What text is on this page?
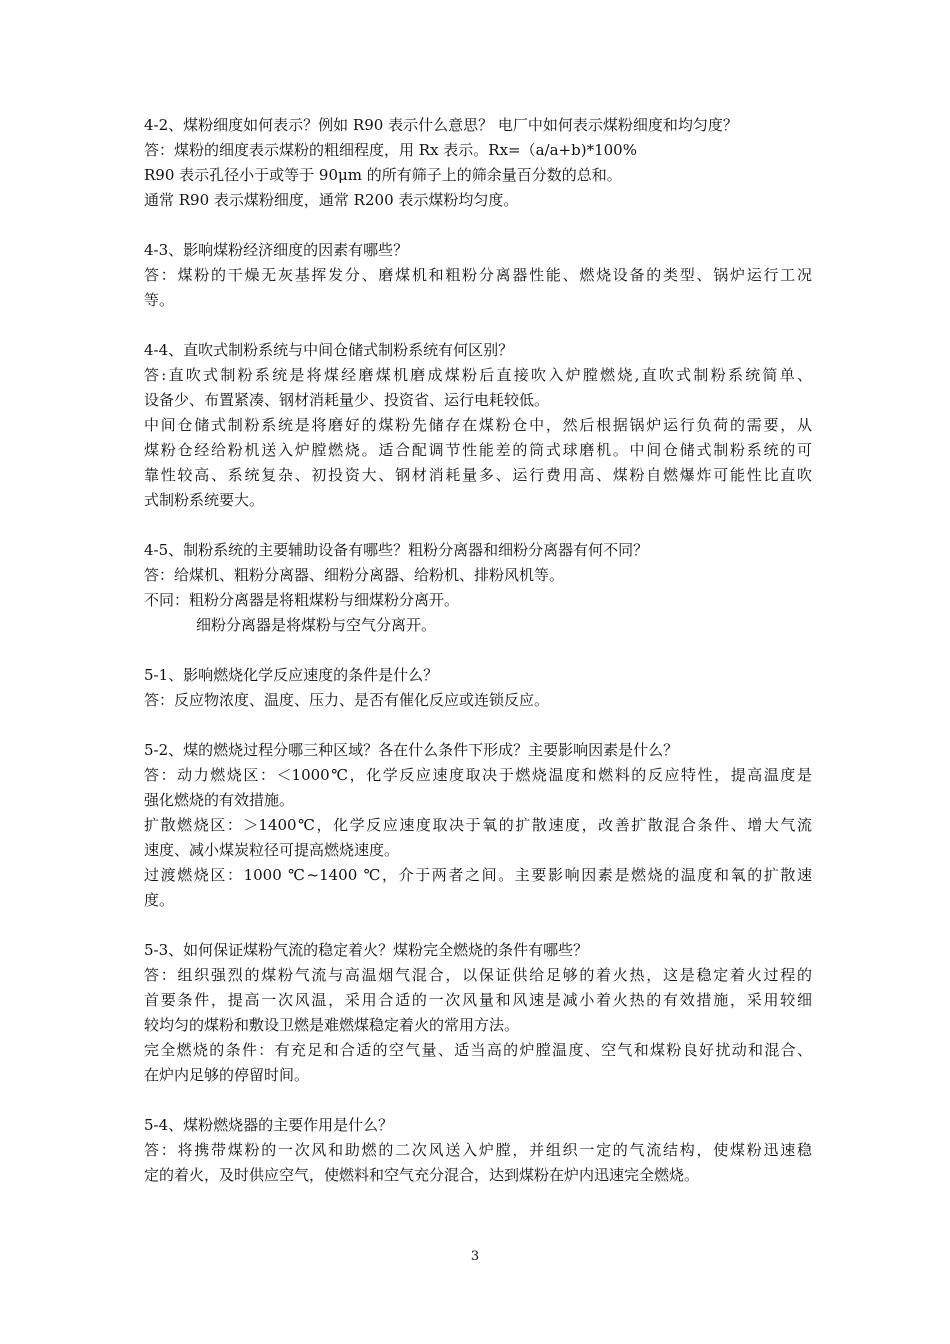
4-2、煤粉细度如何表示？例如 R90 表示什么意思？ 电厂中如何表示煤粉细度和均匀度？
答：煤粉的细度表示煤粉的粗细程度，用 Rx 表示。Rx=（a/a+b)*100%
R90 表示孔径小于或等于 90μm 的所有筛子上的筛余量百分数的总和。
通常 R90 表示煤粉细度，通常 R200 表示煤粉均匀度。
4-3、影响煤粉经济细度的因素有哪些？
答：煤粉的干燥无灰基挥发分、磨煤机和粗粉分离器性能、燃烧设备的类型、锅炉运行工况
等。
4-4、直吹式制粉系统与中间仓储式制粉系统有何区别？
答:直吹式制粉系统是将煤经磨煤机磨成煤粉后直接吹入炉膛燃烧,直吹式制粉系统简单、
设备少、布置紧凑、钢材消耗量少、投资省、运行电耗较低。
中间仓储式制粉系统是将磨好的煤粉先储存在煤粉仓中，然后根据锅炉运行负荷的需要，从
煤粉仓经给粉机送入炉膛燃烧。适合配调节性能差的筒式球磨机。中间仓储式制粉系统的可
靠性较高、系统复杂、初投资大、钢材消耗量多、运行费用高、煤粉自燃爆炸可能性比直吹
式制粉系统要大。
4-5、制粉系统的主要辅助设备有哪些？粗粉分离器和细粉分离器有何不同？
答：给煤机、粗粉分离器、细粉分离器、给粉机、排粉风机等。
不同：粗粉分离器是将粗煤粉与细煤粉分离开。
细粉分离器是将煤粉与空气分离开。
5-1、影响燃烧化学反应速度的条件是什么？
答：反应物浓度、温度、压力、是否有催化反应或连锁反应。
5-2、煤的燃烧过程分哪三种区域？各在什么条件下形成？主要影响因素是什么？
答：动力燃烧区：＜1000℃，化学反应速度取决于燃烧温度和燃料的反应特性，提高温度是
强化燃烧的有效措施。
扩散燃烧区：＞1400℃，化学反应速度取决于氧的扩散速度，改善扩散混合条件、增大气流
速度、减小煤炭粒径可提高燃烧速度。
过渡燃烧区：1000 ℃~1400 ℃，介于两者之间。主要影响因素是燃烧的温度和氧的扩散速
度。
5-3、如何保证煤粉气流的稳定着火？煤粉完全燃烧的条件有哪些？
答：组织强烈的煤粉气流与高温烟气混合，以保证供给足够的着火热，这是稳定着火过程的
首要条件，提高一次风温，采用合适的一次风量和风速是减小着火热的有效措施，采用较细
较均匀的煤粉和敷设卫燃是难燃煤稳定着火的常用方法。
完全燃烧的条件：有充足和合适的空气量、适当高的炉膛温度、空气和煤粉良好扰动和混合、
在炉内足够的停留时间。
5-4、煤粉燃烧器的主要作用是什么？
答：将携带煤粉的一次风和助燃的二次风送入炉膛，并组织一定的气流结构，使煤粉迅速稳
定的着火，及时供应空气，使燃料和空气充分混合，达到煤粉在炉内迅速完全燃烧。
3
